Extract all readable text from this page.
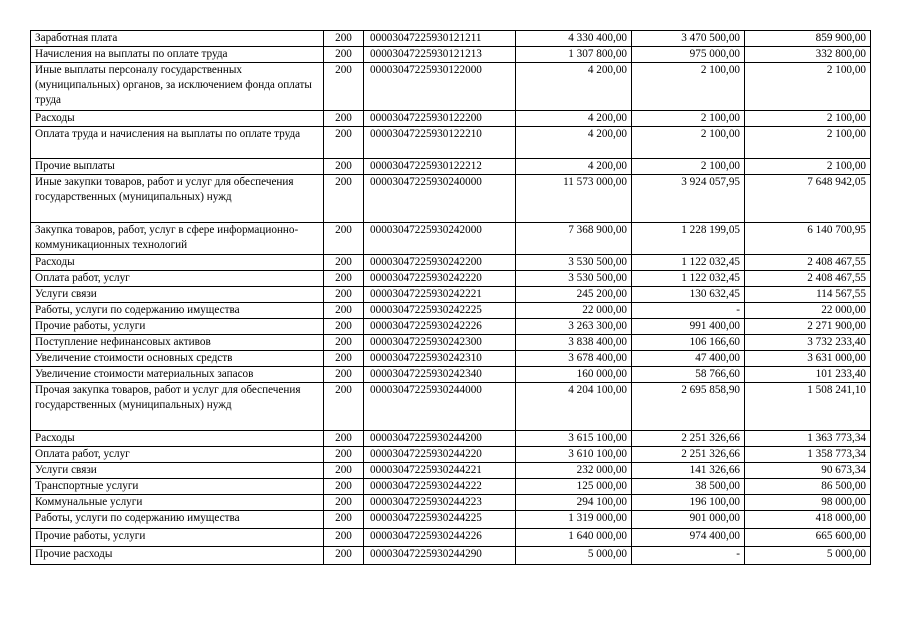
Заработная плата	200	00003047225930121211	4 330 400,00	3 470 500,00	859 900,00
Начисления на выплаты по оплате труда	200	00003047225930121213	1 307 800,00	975 000,00	332 800,00
Иные выплаты персоналу государственных (муниципальных) органов, за исключением фонда оплаты труда	200	00003047225930122000	4 200,00	2 100,00	2 100,00
Расходы	200	00003047225930122200	4 200,00	2 100,00	2 100,00
Оплата труда и начисления на выплаты по оплате труда	200	00003047225930122210	4 200,00	2 100,00	2 100,00
Прочие выплаты	200	00003047225930122212	4 200,00	2 100,00	2 100,00
Иные закупки товаров, работ и услуг для обеспечения государственных (муниципальных) нужд	200	00003047225930240000	11 573 000,00	3 924 057,95	7 648 942,05
Закупка товаров, работ, услуг в сфере информационно-коммуникационных технологий	200	00003047225930242000	7 368 900,00	1 228 199,05	6 140 700,95
Расходы	200	00003047225930242200	3 530 500,00	1 122 032,45	2 408 467,55
Оплата работ, услуг	200	00003047225930242220	3 530 500,00	1 122 032,45	2 408 467,55
Услуги связи	200	00003047225930242221	245 200,00	130 632,45	114 567,55
Работы, услуги по содержанию имущества	200	00003047225930242225	22 000,00	-	22 000,00
Прочие работы, услуги	200	00003047225930242226	3 263 300,00	991 400,00	2 271 900,00
Поступление нефинансовых активов	200	00003047225930242300	3 838 400,00	106 166,60	3 732 233,40
Увеличение стоимости основных средств	200	00003047225930242310	3 678 400,00	47 400,00	3 631 000,00
Увеличение стоимости материальных запасов	200	00003047225930242340	160 000,00	58 766,60	101 233,40
Прочая закупка товаров, работ и услуг для обеспечения государственных (муниципальных) нужд	200	00003047225930244000	4 204 100,00	2 695 858,90	1 508 241,10
Расходы	200	00003047225930244200	3 615 100,00	2 251 326,66	1 363 773,34
Оплата работ, услуг	200	00003047225930244220	3 610 100,00	2 251 326,66	1 358 773,34
Услуги связи	200	00003047225930244221	232 000,00	141 326,66	90 673,34
Транспортные услуги	200	00003047225930244222	125 000,00	38 500,00	86 500,00
Коммунальные услуги	200	00003047225930244223	294 100,00	196 100,00	98 000,00
Работы, услуги по содержанию имущества	200	00003047225930244225	1 319 000,00	901 000,00	418 000,00
Прочие работы, услуги	200	00003047225930244226	1 640 000,00	974 400,00	665 600,00
Прочие расходы	200	00003047225930244290	5 000,00	-	5 000,00
